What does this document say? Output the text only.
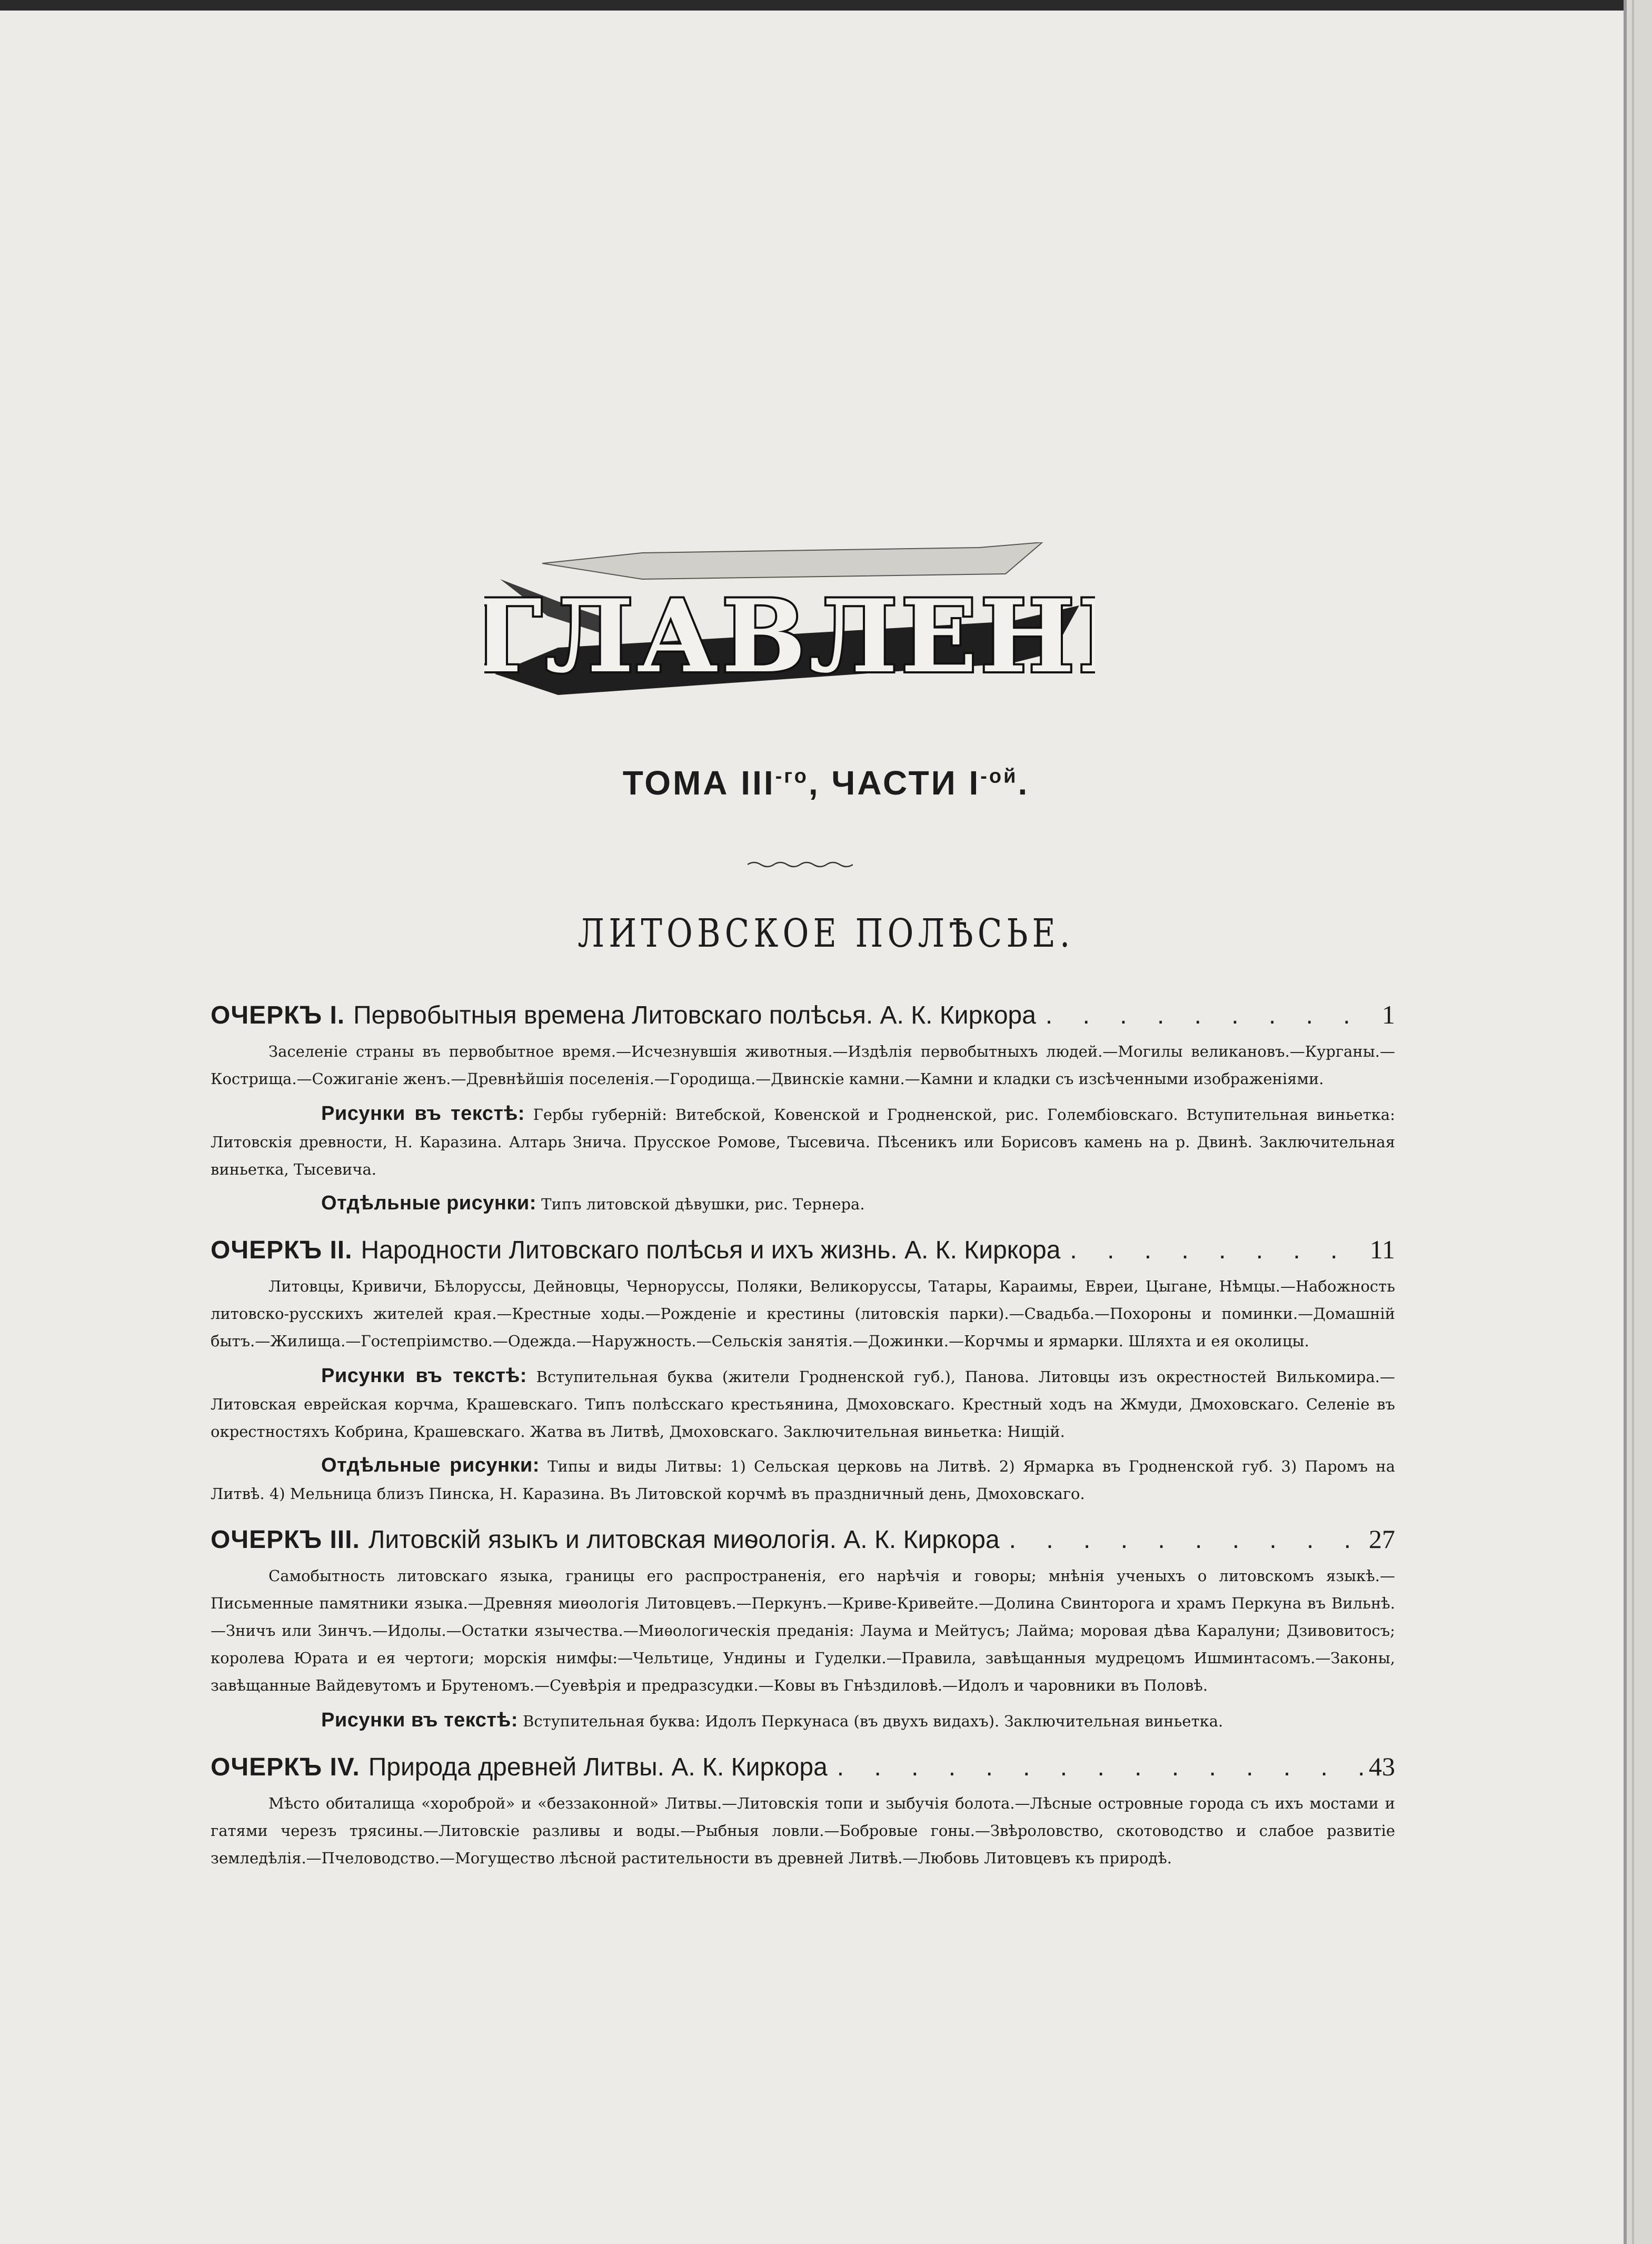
ГЛАВЛЕН
ГЛАВЛЕН
ТОМА $III^{-го}$, ЧАСТИ $I^{-ой}$.
ЛИТОВСКОЕ ПОЛѢСЬЕ.
ОЧЕРКЪ I. Первобытныя времена Литовскаго полѣсья. А. К. Киркора . . .	1
Заселеніе страны въ первобытное время.—Исчезнувшія животныя.—Издѣлія первобытныхъ людей.—Могилы великановъ.—Курганы.—Кострища.—Сожиганіе женъ.—Древнѣйшія поселенія.—Городища.—Двинскіе камни.—Камни и кладки съ изсѣченными изображеніями.
Рисунки въ текстѣ: Гербы губерній: Витебской, Ковенской и Гродненской, рис. Голембіовскаго. Вступительная виньетка: Литовскія древности, Н. Каразина. Алтарь Знича. Прусское Ромове, Тысевича. Пѣсеникъ или Борисовъ камень на р. Двинѣ. Заключительная виньетка, Тысевича.
Отдѣльные рисунки: Типъ литовской дѣвушки, рис. Тернера.
ОЧЕРКЪ II. Народности Литовскаго полѣсья и ихъ жизнь. А. К. Киркора . . .	11
Литовцы, Кривичи, Бѣлоруссы, Дейновцы, Черноруссы, Поляки, Великоруссы, Татары, Караимы, Евреи, Цыгане, Нѣмцы.—Набожность литовско-русскихъ жителей края.—Крестные ходы.—Рожденіе и крестины (литовскія парки).—Свадьба.—Похороны и поминки.—Домашній бытъ.—Жилища.—Гостепріимство.—Одежда.—Наружность.—Сельскія занятія.—Дожинки.—Корчмы и ярмарки. Шляхта и ея околицы.
Рисунки въ текстѣ: Вступительная буква (жители Гродненской губ.), Панова. Литовцы изъ окрестностей Вилькомира.—Литовская еврейская корчма, Крашевскаго. Типъ полѣсскаго крестьянина, Дмоховскаго. Крестный ходъ на Жмуди, Дмоховскаго. Селеніе въ окрестностяхъ Кобрина, Крашевскаго. Жатва въ Литвѣ, Дмоховскаго. Заключительная виньетка: Нищій.
Отдѣльные рисунки: Типы и виды Литвы: 1) Сельская церковь на Литвѣ. 2) Ярмарка въ Гродненской губ. 3) Паромъ на Литвѣ. 4) Мельница близъ Пинска, Н. Каразина. Въ Литовской корчмѣ въ праздничный день, Дмоховскаго.
ОЧЕРКЪ III. Литовскій языкъ и литовская миѳологія. А. К. Киркора . . .	27
Самобытность литовскаго языка, границы его распространенія, его нарѣчія и говоры; мнѣнія ученыхъ о литовскомъ языкѣ.—Письменные памятники языка.—Древняя миѳологія Литовцевъ.—Перкунъ.—Криве-Кривейте.—Долина Свинторога и храмъ Перкуна въ Вильнѣ.—Зничъ или Зинчъ.—Идолы.—Остатки язычества.—Миѳологическія преданія: Лаума и Мейтусъ; Лайма; моровая дѣва Каралуни; Дзивовитосъ; королева Юрата и ея чертоги; морскія нимфы:—Чельтице, Ундины и Гуделки.—Правила, завѣщанныя мудрецомъ Ишминтасомъ.—Законы, завѣщанные Вайдевутомъ и Брутеномъ.—Суевѣрія и предразсудки.—Ковы въ Гнѣздиловѣ.—Идолъ и чаровники въ Половѣ.
Рисунки въ текстѣ: Вступительная буква: Идолъ Перкунаса (въ двухъ видахъ). Заключительная виньетка.
ОЧЕРКЪ IV. Природа древней Литвы. А. К. Киркора . . .	43
Мѣсто обиталища «хороброй» и «беззаконной» Литвы.—Литовскія топи и зыбучія болота.—Лѣсные островные городa съ ихъ мостами и гатями черезъ трясины.—Литовскіе разливы и воды.—Рыбныя ловли.—Бобровые гоны.—Звѣроловство, скотоводство и слабое развитіе земледѣлія.—Пчеловодство.—Могущество лѣсной растительности въ древней Литвѣ.—Любовь Литовцевъ къ природѣ.
